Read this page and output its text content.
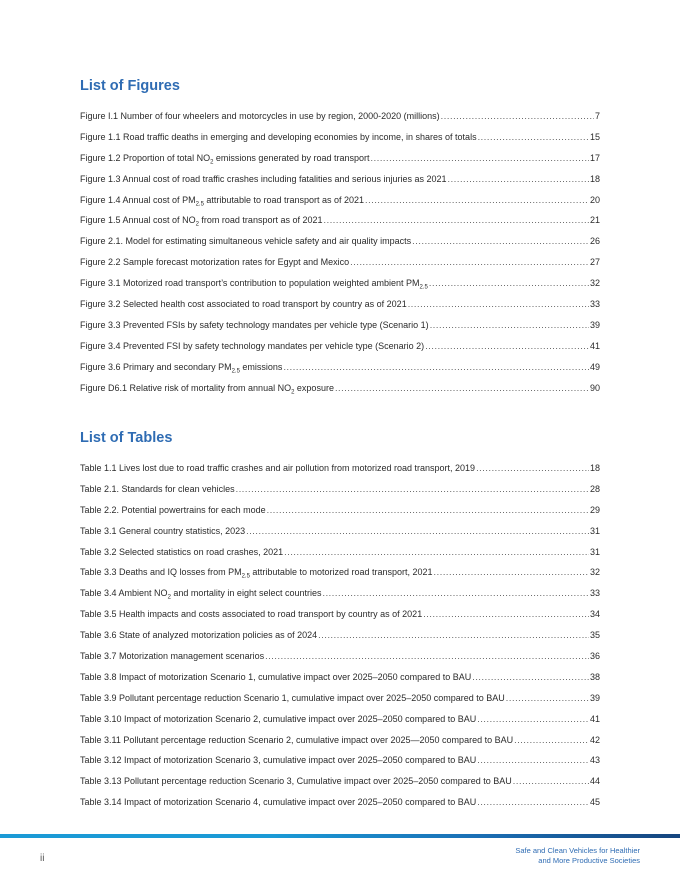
List of Figures
Figure I.1 Number of four wheelers and motorcycles in use by region, 2000-2020 (millions) .....	7
Figure 1.1 Road traffic deaths in emerging and developing economies by income, in shares of totals .....	15
Figure 1.2 Proportion of total $NO_2$ emissions generated by road transport .....	17
Figure 1.3 Annual cost of road traffic crashes including fatalities and serious injuries as 2021 .....	18
Figure 1.4 Annual cost of $PM_{2.5}$ attributable to road transport as of 2021 .....	20
Figure 1.5 Annual cost of $NO_2$ from road transport as of 2021 .....	21
Figure 2.1. Model for estimating simultaneous vehicle safety and air quality impacts .....	26
Figure 2.2 Sample forecast motorization rates for Egypt and Mexico .....	27
Figure 3.1 Motorized road transport’s contribution to population weighted ambient $PM_{2.5}$ .....	32
Figure 3.2 Selected health cost associated to road transport by country as of 2021 .....	33
Figure 3.3 Prevented FSIs by safety technology mandates per vehicle type (Scenario 1) .....	39
Figure 3.4 Prevented FSI by safety technology mandates per vehicle type (Scenario 2) .....	41
Figure 3.6 Primary and secondary $PM_{2.5}$ emissions .....	49
Figure D6.1 Relative risk of mortality from annual $NO_2$ exposure .....	90
List of Tables
Table 1.1 Lives lost due to road traffic crashes and air pollution from motorized road transport, 2019 .....	18
Table 2.1. Standards for clean vehicles .....	28
Table 2.2. Potential powertrains for each mode .....	29
Table 3.1 General country statistics, 2023 .....	31
Table 3.2 Selected statistics on road crashes, 2021 .....	31
Table 3.3 Deaths and IQ losses from $PM_{2.5}$ attributable to motorized road transport, 2021 .....	32
Table 3.4 Ambient $NO_2$ and mortality in eight select countries .....	33
Table 3.5 Health impacts and costs associated to road transport by country as of 2021 .....	34
Table 3.6 State of analyzed motorization policies as of 2024 .....	35
Table 3.7 Motorization management scenarios .....	36
Table 3.8 Impact of motorization Scenario 1, cumulative impact over 2025–2050 compared to BAU .....	38
Table 3.9 Pollutant percentage reduction Scenario 1, cumulative impact over 2025–2050 compared to BAU .....	39
Table 3.10 Impact of motorization Scenario 2, cumulative impact over 2025–2050 compared to BAU .....	41
Table 3.11 Pollutant percentage reduction Scenario 2, cumulative impact over 2025—2050 compared to BAU .....	42
Table 3.12 Impact of motorization Scenario 3, cumulative impact over 2025–2050 compared to BAU .....	43
Table 3.13 Pollutant percentage reduction Scenario 3, Cumulative impact over 2025–2050 compared to BAU .....	44
Table 3.14 Impact of motorization Scenario 4, cumulative impact over 2025–2050 compared to BAU .....	45
ii
Safe and Clean Vehicles for Healthier
and More Productive Societies
